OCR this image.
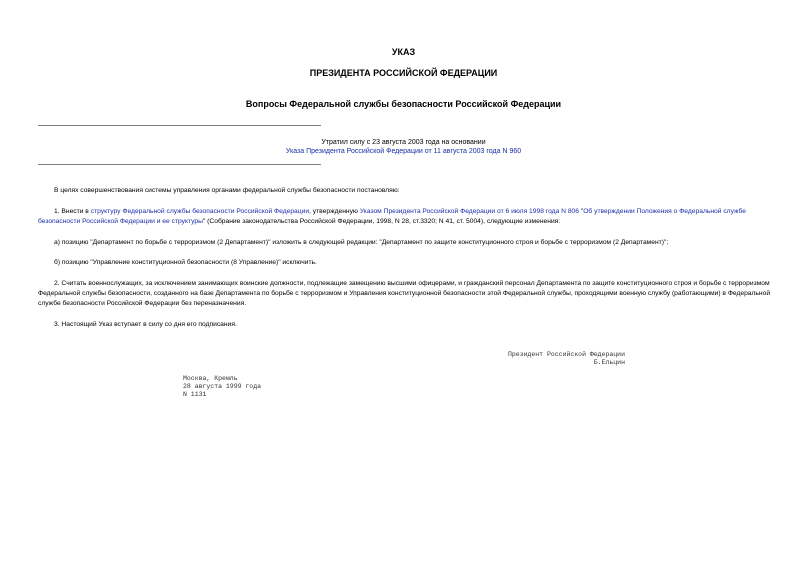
УКАЗ
ПРЕЗИДЕНТА РОССИЙСКОЙ ФЕДЕРАЦИИ
Вопросы Федеральной службы безопасности Российской Федерации
Утратил силу с 23 августа 2003 года на основании
Указа Президента Российской Федерации от 11 августа 2003 года N 960
В целях совершенствования системы управления органами федеральной службы безопасности постановляю:
1. Внести в структуру Федеральной службы безопасности Российской Федерации, утвержденную Указом Президента Российской Федерации от 6 июля 1998 года N 806 "Об утверждении Положения о Федеральной службе безопасности Российской Федерации и ее структуры" (Собрание законодательства Российской Федерации, 1998, N 28, ст.3320; N 41, ст. 5004), следующие изменения:
а) позицию "Департамент по борьбе с терроризмом (2 Департамент)" изложить в следующей редакции: "Департамент по защите конституционного строя и борьбе с терроризмом (2 Департамент)";
б) позицию "Управление конституционной безопасности (8 Управление)" исключить.
2. Считать военнослужащих, за исключением занимающих воинские должности, подлежащие замещению высшими офицерами, и гражданский персонал Департамента по защите конституционного строя и борьбе с терроризмом Федеральной службы безопасности, созданного на базе Департамента по борьбе с терроризмом и Управления конституционной безопасности этой Федеральной службы, проходящими военную службу (работающими) в Федеральной службе безопасности Российской Федерации без переназначения.
3. Настоящий Указ вступает в силу со дня его подписания.
Президент Российской Федерации
Б.Ельцин
Москва, Кремль
28 августа 1999 года
N 1131
